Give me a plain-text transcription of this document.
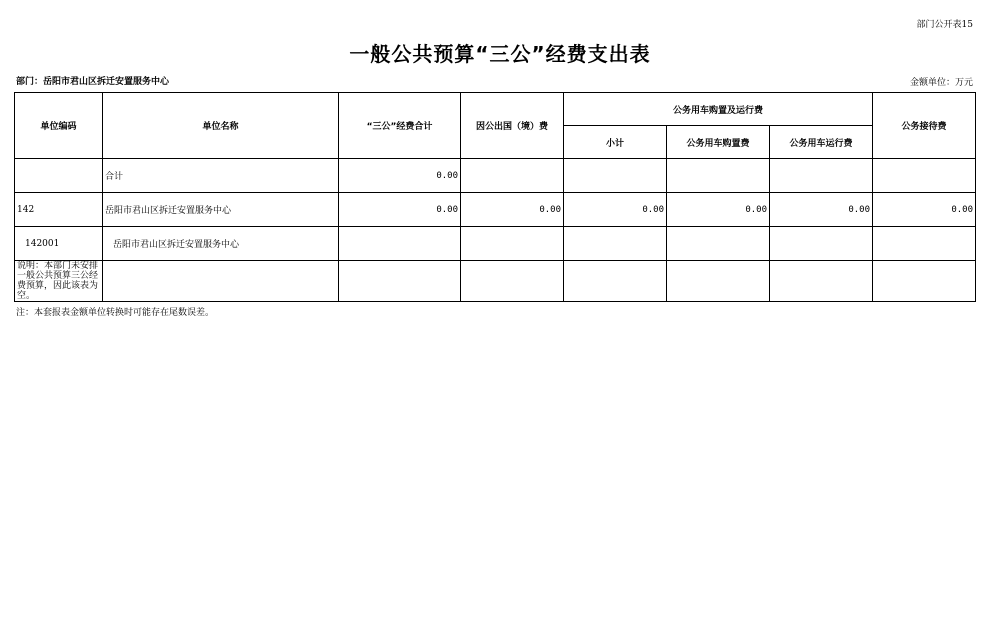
部门公开表15
一般公共预算“三公”经费支出表
部门：岳阳市君山区拆迁安置服务中心	金额单位：万元
单位编码	单位名称	“三公”经费合计	因公出国（境）费	公务用车购置及运行费			公务接待费
				小计	公务用车购置费	公务用车运行费	
	合计	0.00					
142	岳阳市君山区拆迁安置服务中心	0.00	0.00	0.00	0.00	0.00	0.00
142001	岳阳市君山区拆迁安置服务中心						

说明：本部门未安排一般公共预算三公经费预算，因此该表为空。							

注：本套报表金额单位转换时可能存在尾数误差。
